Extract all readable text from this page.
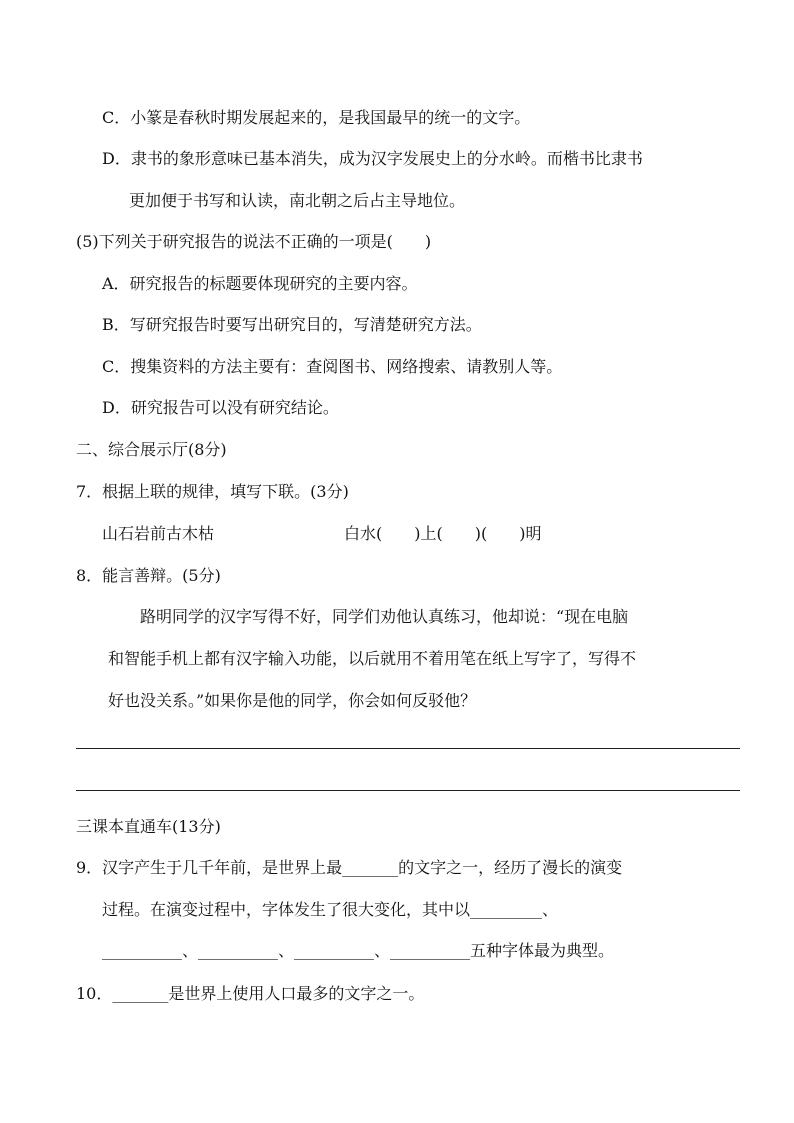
C．小篆是春秋时期发展起来的，是我国最早的统一的文字。
D．隶书的象形意味已基本消失，成为汉字发展史上的分水岭。而楷书比隶书
更加便于书写和认读，南北朝之后占主导地位。
(5)下列关于研究报告的说法不正确的一项是(　　)
A．研究报告的标题要体现研究的主要内容。
B．写研究报告时要写出研究目的，写清楚研究方法。
C．搜集资料的方法主要有：查阅图书、网络搜索、请教别人等。
D．研究报告可以没有研究结论。
二、综合展示厅(8分)
7．根据上联的规律，填写下联。(3分)
山石岩前古木枯	白水(　　)上(　　)(　　)明
8．能言善辩。(5分)
路明同学的汉字写得不好，同学们劝他认真练习，他却说：“现在电脑
和智能手机上都有汉字输入功能，以后就用不着用笔在纸上写字了，写得不
好也没关系。”如果你是他的同学，你会如何反驳他？
三课本直通车(13分)
9．汉字产生于几千年前，是世界上最_______的文字之一，经历了漫长的演变
过程。在演变过程中，字体发生了很大变化，其中以_________、
__________、__________、__________、__________五种字体最为典型。
10．_______是世界上使用人口最多的文字之一。
